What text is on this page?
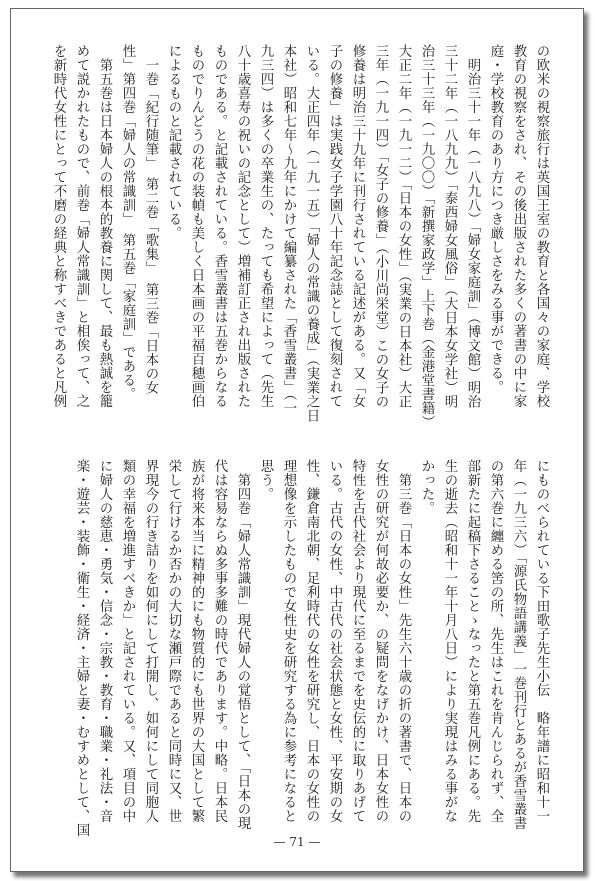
の欧米の視察旅行は英国王室の教育と各国々の家庭、学校
教育の視察をされ、その後出版された多くの著書の中に家
庭・学校教育のあり方につき厳しさをみる事ができる。
　明治三十一年（一八九八）「婦女家庭訓」（博文館）明治
三十二年（一八九九）「泰西婦女風俗」（大日本女学社）明
治三十三年（一九〇〇）「新撰家政学」上下巻（金港堂書籍）
大正二年（一九一二）「日本の女性」（実業の日本社）大正
三年（一九一四）「女子の修養」（小川尚栄堂）この女子の
修養は明治三十九年に刊行されている記述がある。又「女
子の修養」は実践女子学園八十年記念誌として復刻されて
いる。大正四年（一九一五）「婦人の常識の養成」（実業之日
本社）昭和七年～九年にかけて編纂された「香雪叢書」（一
九三四）は多くの卒業生の、たっても希望によって（先生
八十歳喜寿の祝いの記念として）増補訂正され出版された
ものである。と記載されている。香雪叢書は五巻からなる
ものでりんどうの花の装幀も美しく日本画の平福百穂画伯
によるものと記載されている。
　一巻「紀行随筆」　第二巻「歌集」　第三巻「日本の女
性」第四巻「婦人の常識訓」　第五巻「家庭訓」である。
　第五巻は日本婦人の根本的教養に関して、最も熱誠を籠
めて説かれたもので、前巻「婦人常識訓」と相俟って、之
を新時代女性にとって不磨の経典と称すべきであると凡例
にものべられている下田歌子先生小伝　略年譜に昭和十一
年（一九三六）「源氏物語講義」一巻刊行とあるが香雪叢書
の第六巻に纏める筈の所、先生はこれを肯んじられず、全
部新たに起稿下さることゝなったと第五巻凡例にある。先
生の逝去（昭和十一年十月八日）により実現はみる事がな
かった。
　第三巻「日本の女性」先生六十歳の折の著書で、日本の
女性の研究が何故必要か、の疑問をなげかけ、日本女性の
特性を古代社会より現代に至るまでを史伝的に取りあげて
いる。古代の女性、中古代の社会状態と女性、平安期の女
性、鎌倉南北朝、足利時代の女性を研究し、日本の女性の
理想像を示したもので女性史を研究する為に参考になると
思う。
　第四巻「婦人常識訓」現代婦人の覚悟として、「日本の現
代は容易ならぬ多事多難の時代であります。中略。日本民
族が将来本当に精神的にも物質的にも世界の大国として繁
栄して行けるか否かの大切な瀬戸際であると同時に又、世
界現今の行き詰りを如何にして打開し、如何にして同胞人
類の幸福を増進すべきか」と記されている。又、項目の中
に婦人の慈恵・勇気・信念・宗教・教育・職業・礼法・音
楽・遊芸・装飾・衛生・経済・主婦と妻・むすめとして、国
— 71 —
